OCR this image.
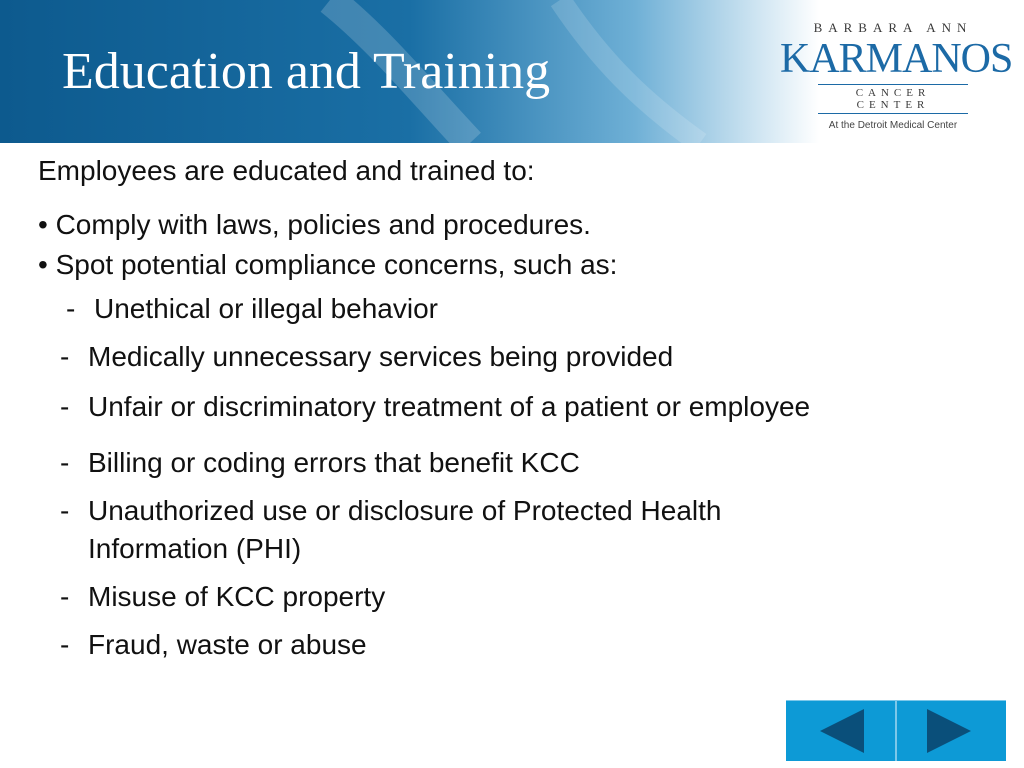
Education and Training
BARBARA ANN
KARMANOS
CANCER CENTER
At the Detroit Medical Center

Employees are educated and trained to:

• Comply with laws, policies and procedures.
• Spot potential compliance concerns, such as:
- Unethical or illegal behavior
- Medically unnecessary services being provided
- Unfair or discriminatory treatment of a patient or employee
- Billing or coding errors that benefit KCC
- Unauthorized use or disclosure of Protected Health Information (PHI)
- Misuse of KCC property
- Fraud, waste or abuse
